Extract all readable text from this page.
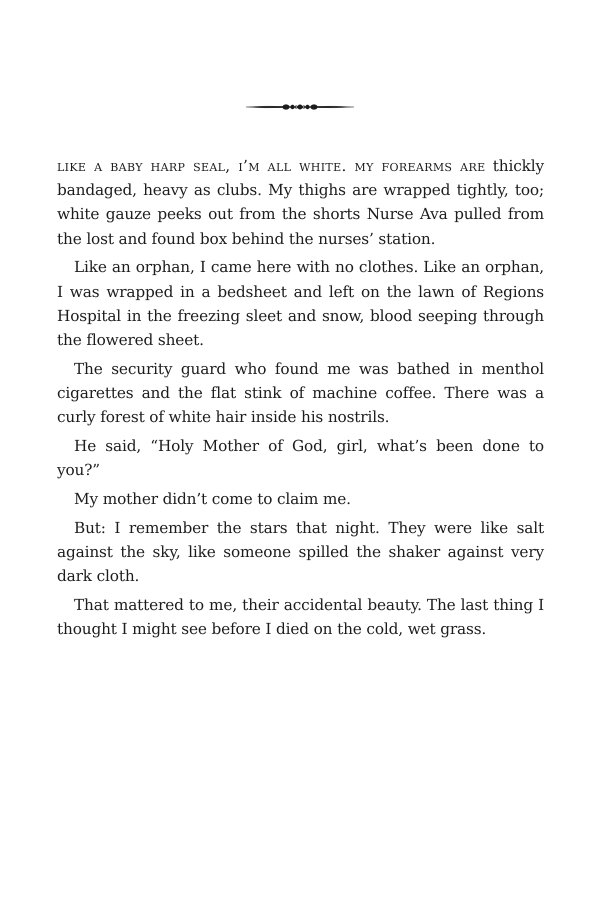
like a baby harp seal, i’m all white. my forearms are thickly bandaged, heavy as clubs. My thighs are wrapped tightly, too; white gauze peeks out from the shorts Nurse Ava pulled from the lost and found box behind the nurses’ station.

Like an orphan, I came here with no clothes. Like an orphan, I was wrapped in a bedsheet and left on the lawn of Regions Hospital in the freezing sleet and snow, blood seeping through the flowered sheet.

The security guard who found me was bathed in menthol cigarettes and the flat stink of machine coffee. There was a curly forest of white hair inside his nostrils.

He said, “Holy Mother of God, girl, what’s been done to you?”

My mother didn’t come to claim me.

But: I remember the stars that night. They were like salt against the sky, like someone spilled the shaker against very dark cloth.

That mattered to me, their accidental beauty. The last thing I thought I might see before I died on the cold, wet grass.
